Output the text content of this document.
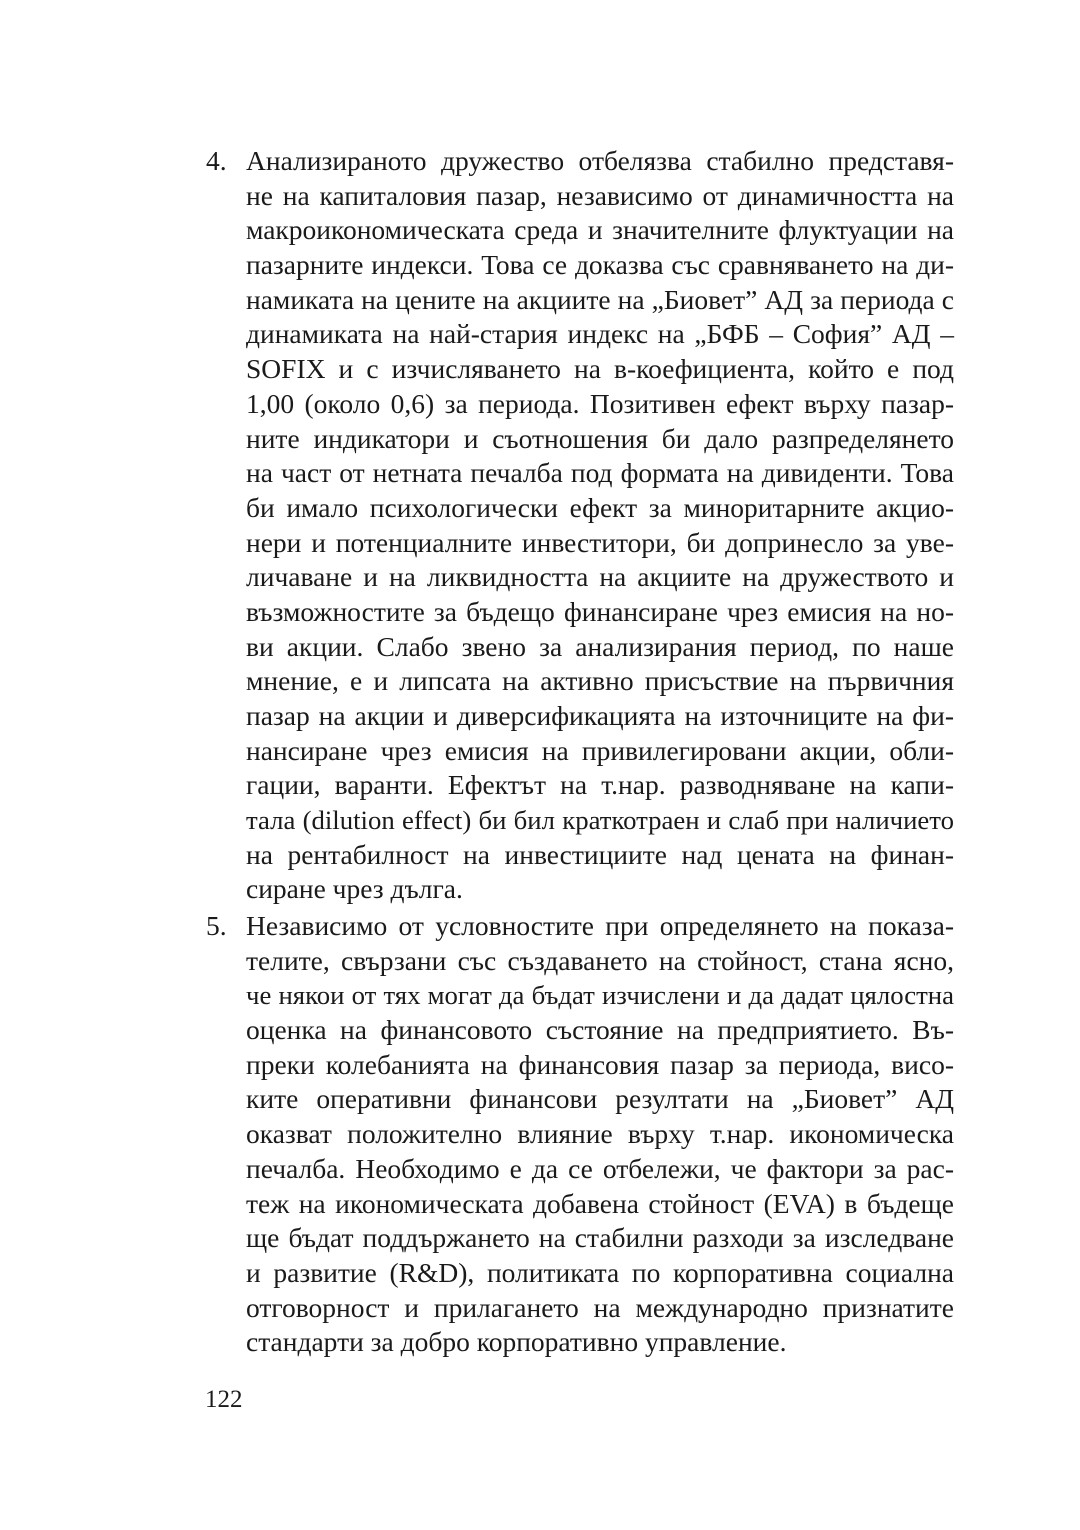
4. Анализираното дружество отбелязва стабилно представя-
не на капиталовия пазар, независимо от динамичността на
макроикономическата среда и значителните флуктуации на
пазарните индекси. Това се доказва със сравняването на ди-
намиката на цените на акциите на „Биовет” АД за периода с
динамиката на най-стария индекс на „БФБ – София” АД –
SOFIX и с изчисляването на в-коефициента, който е под
1,00 (около 0,6) за периода. Позитивен ефект върху пазар-
ните индикатори и съотношения би дало разпределянето
на част от нетната печалба под формата на дивиденти. Това
би имало психологически ефект за миноритарните акцио-
нери и потенциалните инвеститори, би допринесло за уве-
личаване и на ликвидността на акциите на дружеството и
възможностите за бъдещо финансиране чрез емисия на но-
ви акции. Слабо звено за анализирания период, по наше
мнение, е и липсата на активно присъствие на първичния
пазар на акции и диверсификацията на източниците на фи-
нансиране чрез емисия на привилегировани акции, обли-
гации, варанти. Ефектът на т.нар. разводняване на капи-
тала (dilution effect) би бил краткотраен и слаб при наличието
на рентабилност на инвестициите над цената на финан-
сиране чрез дълга.
5. Независимо от условностите при определянето на показа-
телите, свързани със създаването на стойност, стана ясно,
че някои от тях могат да бъдат изчислени и да дадат цялостна
оценка на финансовото състояние на предприятието. Въ-
преки колебанията на финансовия пазар за периода, висо-
ките оперативни финансови резултати на „Биовет” АД
оказват положително влияние върху т.нар. икономическа
печалба. Необходимо е да се отбележи, че фактори за рас-
теж на икономическата добавена стойност (EVA) в бъдеще
ще бъдат поддържането на стабилни разходи за изследване
и развитие (R&D), политиката по корпоративна социална
отговорност и прилагането на международно признатите
стандарти за добро корпоративно управление.
122
